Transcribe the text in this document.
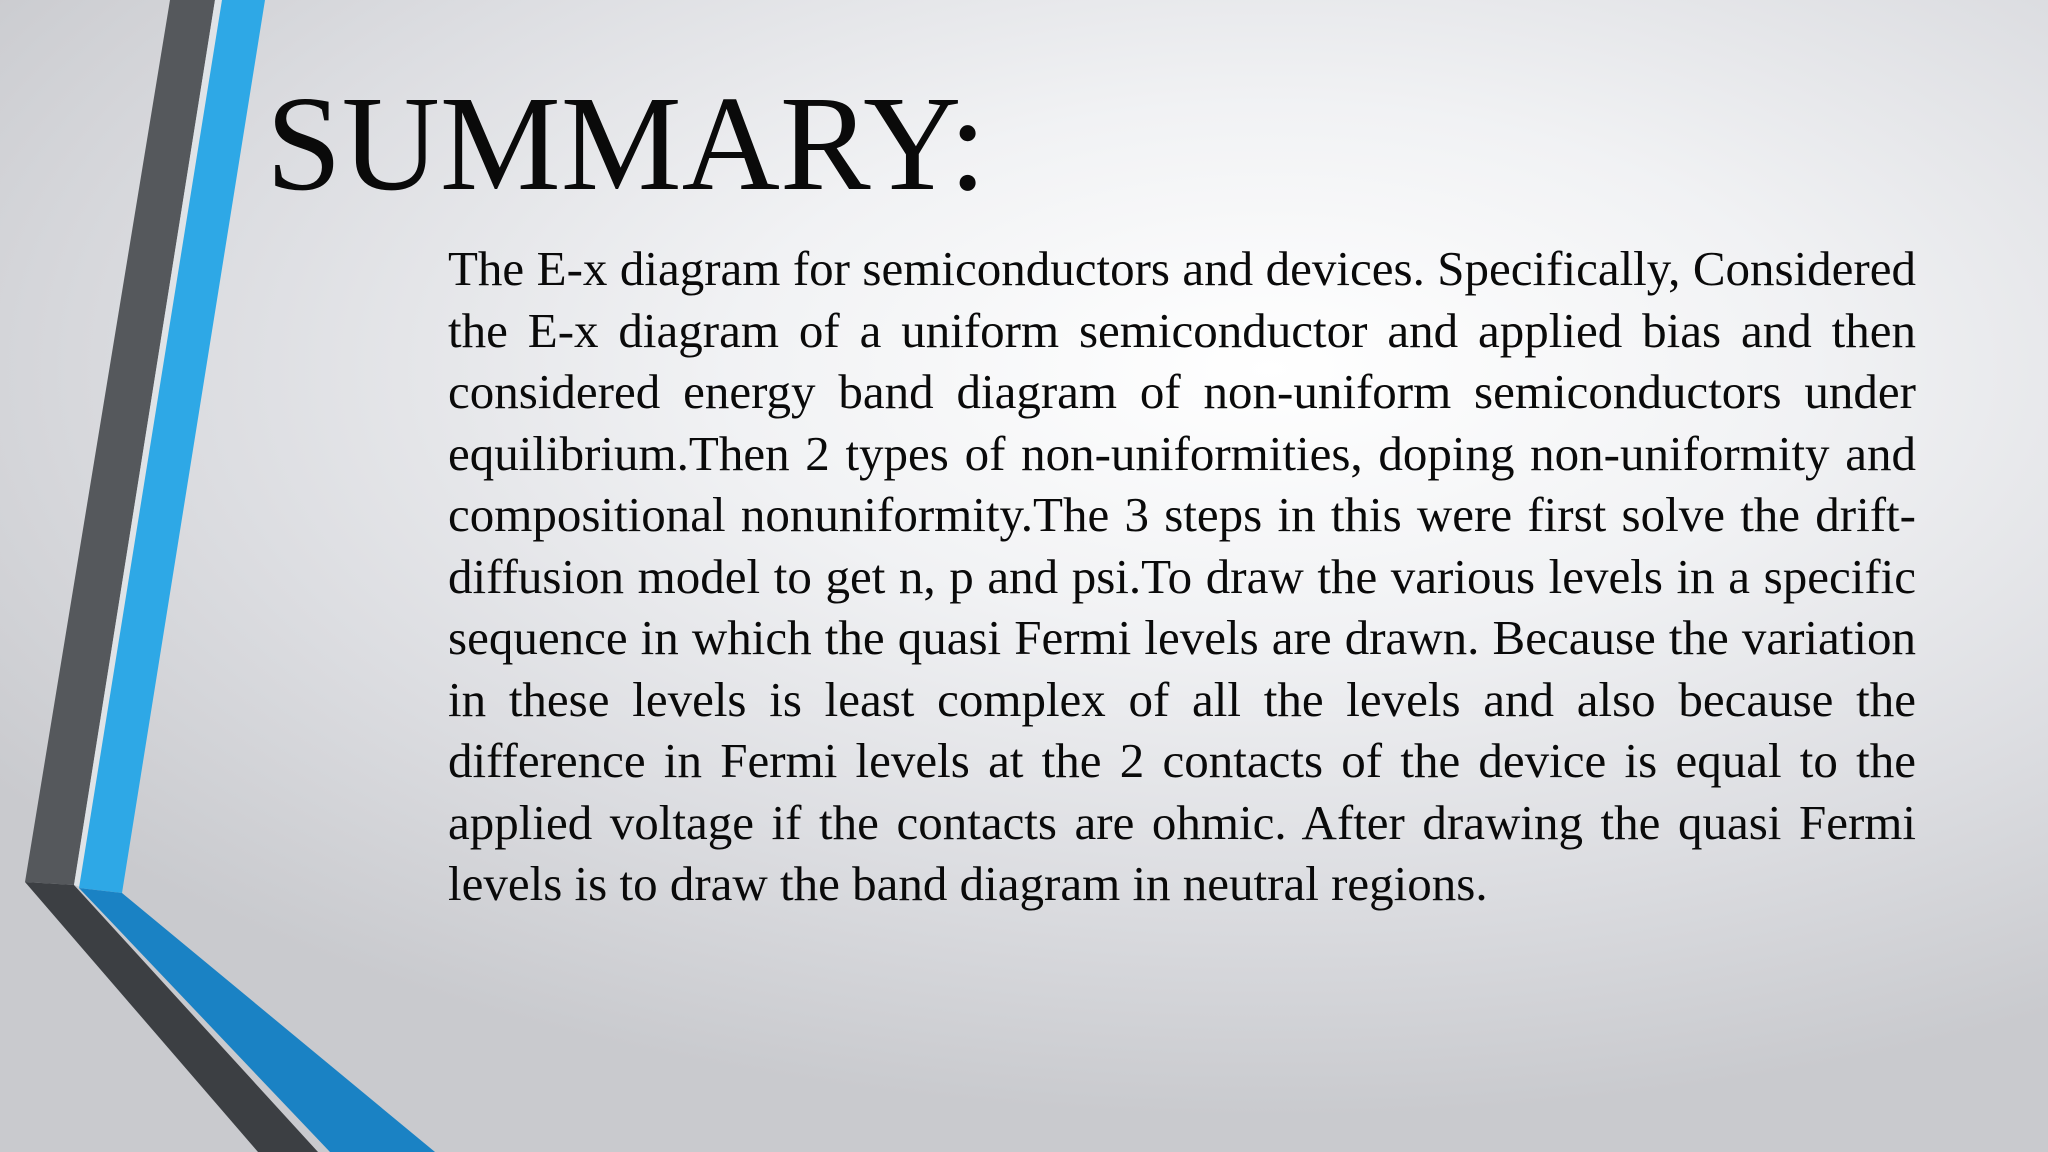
SUMMARY:

The E-x diagram for semiconductors and devices. Specifically, Considered the E-x diagram of a uniform semiconductor and applied bias and then considered energy band diagram of non-uniform semiconductors under equilibrium.Then 2 types of non-uniformities, doping non-uniformity and compositional nonuniformity.The 3 steps in this were first solve the drift-diffusion model to get n, p and psi.To draw the various levels in a specific sequence in which the quasi Fermi levels are drawn. Because the variation in these levels is least complex of all the levels and also because the difference in Fermi levels at the 2 contacts of the device is equal to the applied voltage if the contacts are ohmic. After drawing the quasi Fermi levels is to draw the band diagram in neutral regions.
